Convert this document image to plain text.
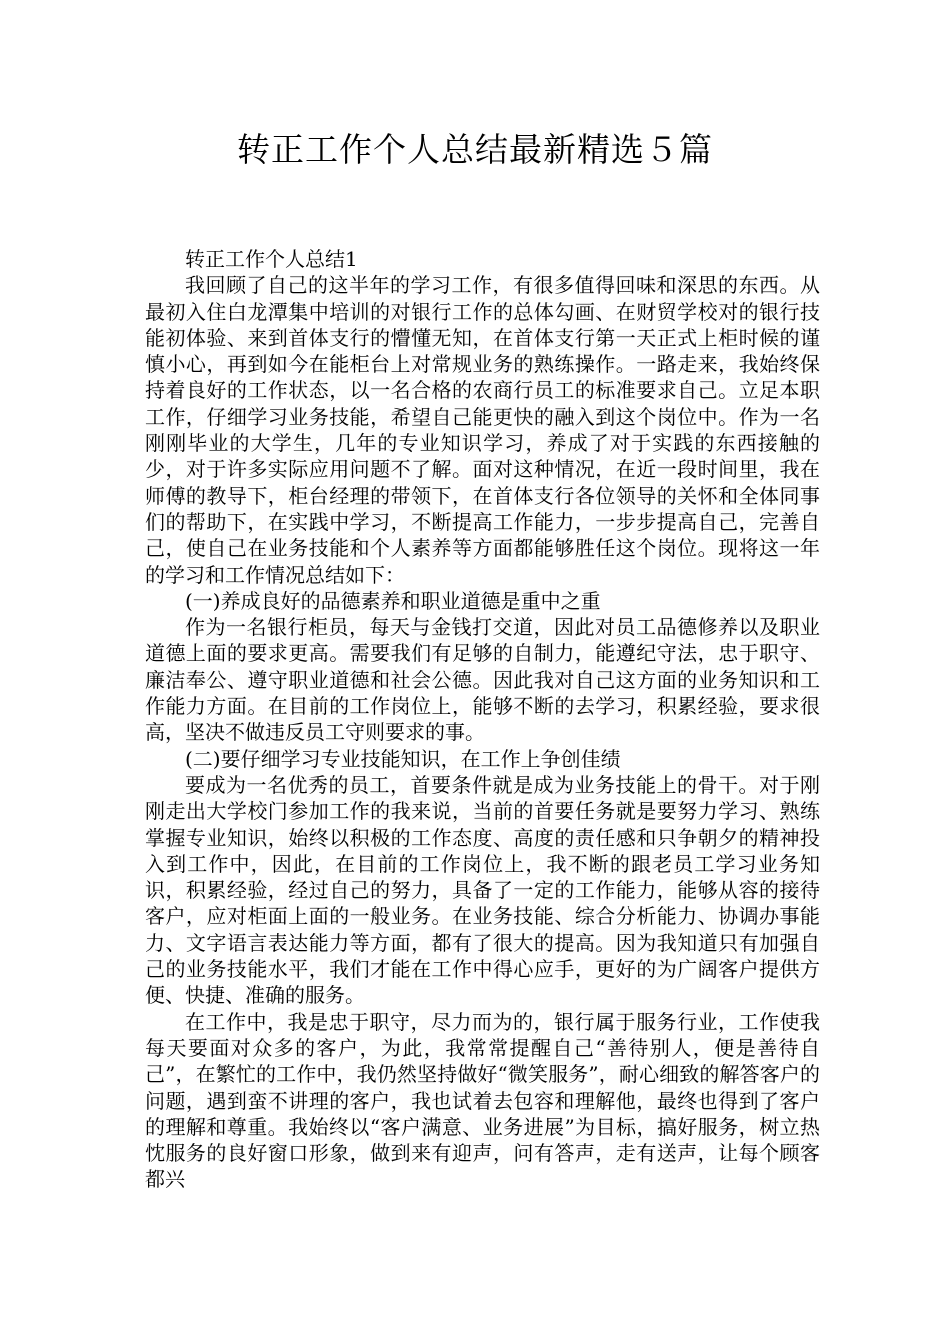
转正工作个人总结最新精选５篇

转正工作个人总结1

我回顾了自己的这半年的学习工作，有很多值得回味和深思的东西。从最初入住白龙潭集中培训的对银行工作的总体勾画、在财贸学校对的银行技能初体验、来到首体支行的懵懂无知，在首体支行第一天正式上柜时候的谨慎小心，再到如今在能柜台上对常规业务的熟练操作。一路走来，我始终保持着良好的工作状态，以一名合格的农商行员工的标准要求自己。立足本职工作，仔细学习业务技能，希望自己能更快的融入到这个岗位中。作为一名刚刚毕业的大学生，几年的专业知识学习，养成了对于实践的东西接触的少，对于许多实际应用问题不了解。面对这种情况，在近一段时间里，我在师傅的教导下，柜台经理的带领下，在首体支行各位领导的关怀和全体同事们的帮助下，在实践中学习，不断提高工作能力，一步步提高自己，完善自己，使自己在业务技能和个人素养等方面都能够胜任这个岗位。现将这一年的学习和工作情况总结如下：

(一)养成良好的品德素养和职业道德是重中之重

作为一名银行柜员，每天与金钱打交道，因此对员工品德修养以及职业道德上面的要求更高。需要我们有足够的自制力，能遵纪守法，忠于职守、廉洁奉公、遵守职业道德和社会公德。因此我对自己这方面的业务知识和工作能力方面。在目前的工作岗位上，能够不断的去学习，积累经验，要求很高，坚决不做违反员工守则要求的事。

(二)要仔细学习专业技能知识，在工作上争创佳绩

要成为一名优秀的员工，首要条件就是成为业务技能上的骨干。对于刚刚走出大学校门参加工作的我来说，当前的首要任务就是要努力学习、熟练掌握专业知识，始终以积极的工作态度、高度的责任感和只争朝夕的精神投入到工作中，因此，在目前的工作岗位上，我不断的跟老员工学习业务知识，积累经验，经过自己的努力，具备了一定的工作能力，能够从容的接待客户，应对柜面上面的一般业务。在业务技能、综合分析能力、协调办事能力、文字语言表达能力等方面，都有了很大的提高。因为我知道只有加强自己的业务技能水平，我们才能在工作中得心应手，更好的为广阔客户提供方便、快捷、准确的服务。

在工作中，我是忠于职守，尽力而为的，银行属于服务行业，工作使我每天要面对众多的客户，为此，我常常提醒自己“善待别人，便是善待自己”，在繁忙的工作中，我仍然坚持做好“微笑服务”，耐心细致的解答客户的问题，遇到蛮不讲理的客户，我也试着去包容和理解他，最终也得到了客户的理解和尊重。我始终以“客户满意、业务进展”为目标，搞好服务，树立热忱服务的良好窗口形象，做到来有迎声，问有答声，走有送声，让每个顾客都兴
